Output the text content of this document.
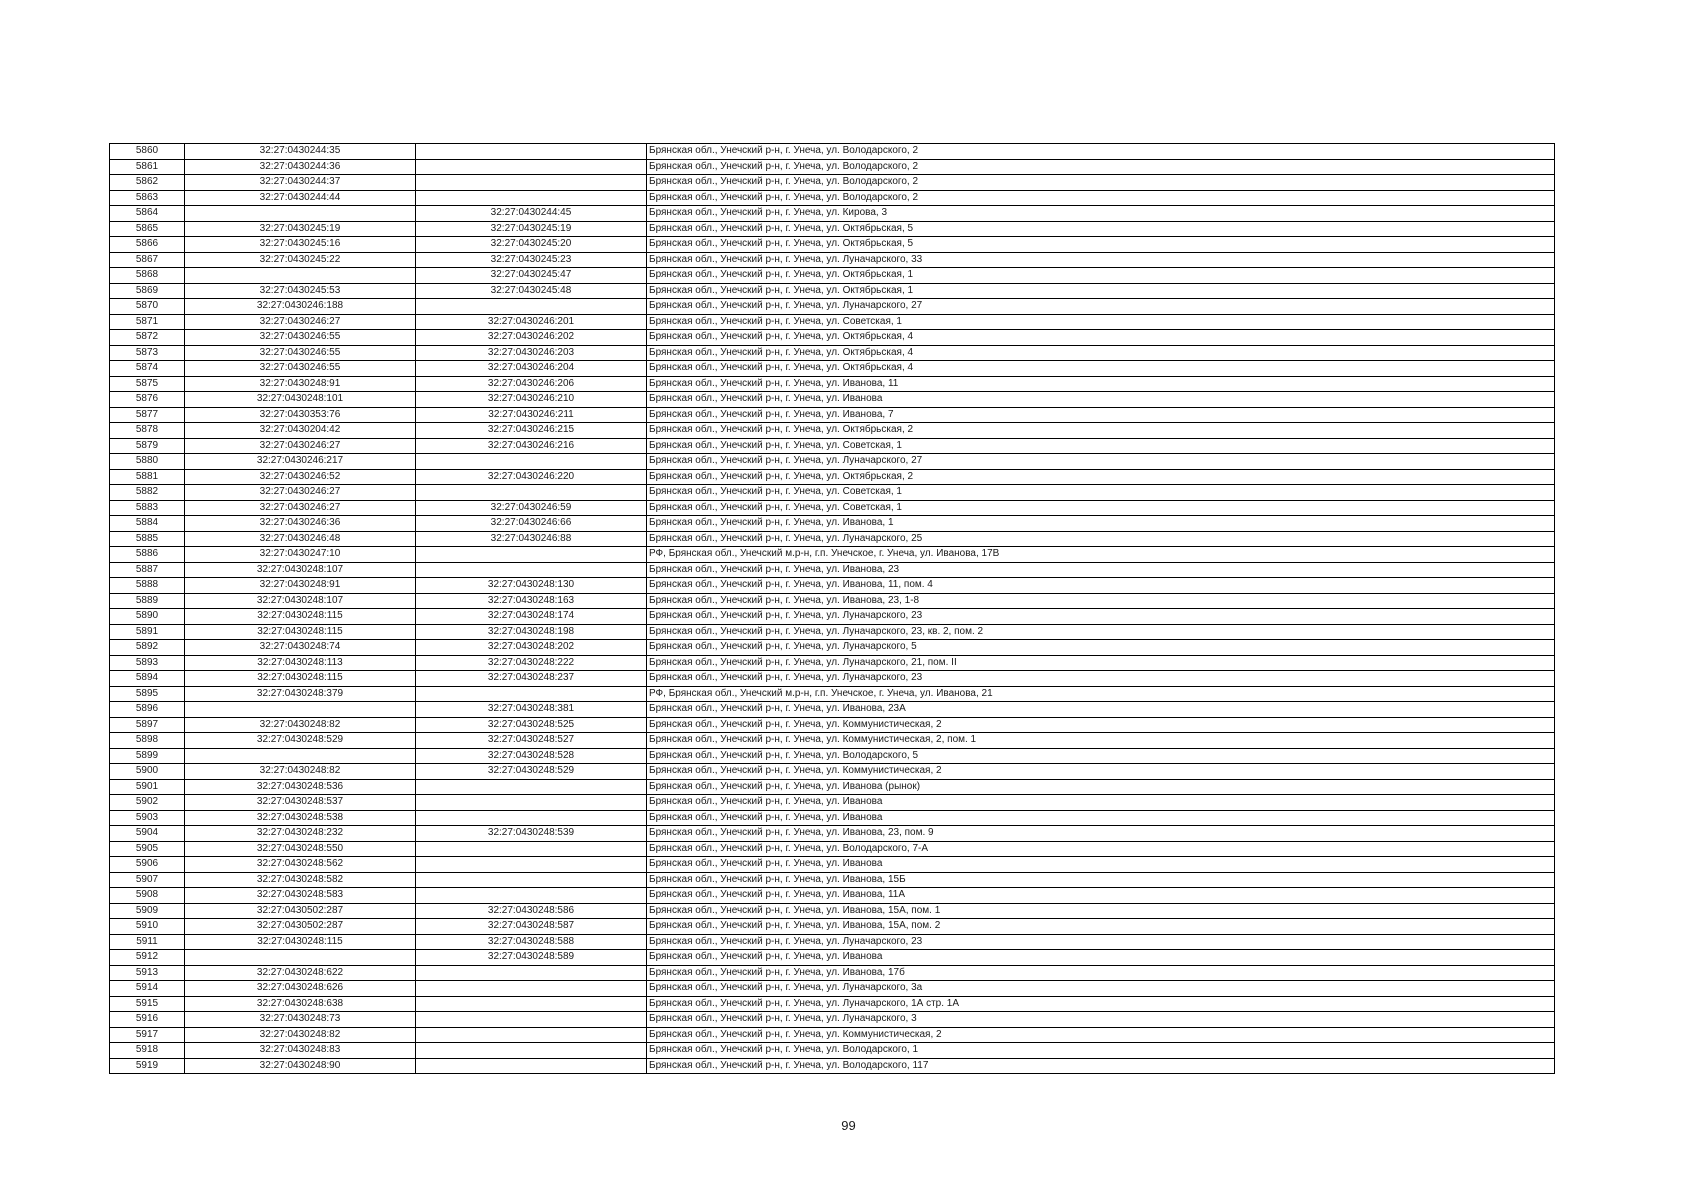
5860	32:27:0430244:35		Брянская обл., Унечский р-н, г. Унеча, ул. Володарского, 2
5861	32:27:0430244:36		Брянская обл., Унечский р-н, г. Унеча, ул. Володарского, 2
5862	32:27:0430244:37		Брянская обл., Унечский р-н, г. Унеча, ул. Володарского, 2
5863	32:27:0430244:44		Брянская обл., Унечский р-н, г. Унеча, ул. Володарского, 2
5864		32:27:0430244:45	Брянская обл., Унечский р-н, г. Унеча, ул. Кирова, 3
5865	32:27:0430245:19	32:27:0430245:19	Брянская обл., Унечский р-н, г. Унеча, ул. Октябрьская, 5
5866	32:27:0430245:16	32:27:0430245:20	Брянская обл., Унечский р-н, г. Унеча, ул. Октябрьская, 5
5867	32:27:0430245:22	32:27:0430245:23	Брянская обл., Унечский р-н, г. Унеча, ул. Луначарского, 33
5868		32:27:0430245:47	Брянская обл., Унечский р-н, г. Унеча, ул. Октябрьская, 1
5869	32:27:0430245:53	32:27:0430245:48	Брянская обл., Унечский р-н, г. Унеча, ул. Октябрьская, 1
5870	32:27:0430246:188		Брянская обл., Унечский р-н, г. Унеча, ул. Луначарского, 27
5871	32:27:0430246:27	32:27:0430246:201	Брянская обл., Унечский р-н, г. Унеча, ул. Советская, 1
5872	32:27:0430246:55	32:27:0430246:202	Брянская обл., Унечский р-н, г. Унеча, ул. Октябрьская, 4
5873	32:27:0430246:55	32:27:0430246:203	Брянская обл., Унечский р-н, г. Унеча, ул. Октябрьская, 4
5874	32:27:0430246:55	32:27:0430246:204	Брянская обл., Унечский р-н, г. Унеча, ул. Октябрьская, 4
5875	32:27:0430248:91	32:27:0430246:206	Брянская обл., Унечский р-н, г. Унеча, ул. Иванова, 11
5876	32:27:0430248:101	32:27:0430246:210	Брянская обл., Унечский р-н, г. Унеча, ул. Иванова
5877	32:27:0430353:76	32:27:0430246:211	Брянская обл., Унечский р-н, г. Унеча, ул. Иванова, 7
5878	32:27:0430204:42	32:27:0430246:215	Брянская обл., Унечский р-н, г. Унеча, ул. Октябрьская, 2
5879	32:27:0430246:27	32:27:0430246:216	Брянская обл., Унечский р-н, г. Унеча, ул. Советская, 1
5880	32:27:0430246:217		Брянская обл., Унечский р-н, г. Унеча, ул. Луначарского, 27
5881	32:27:0430246:52	32:27:0430246:220	Брянская обл., Унечский р-н, г. Унеча, ул. Октябрьская, 2
5882	32:27:0430246:27		Брянская обл., Унечский р-н, г. Унеча, ул. Советская, 1
5883	32:27:0430246:27	32:27:0430246:59	Брянская обл., Унечский р-н, г. Унеча, ул. Советская, 1
5884	32:27:0430246:36	32:27:0430246:66	Брянская обл., Унечский р-н, г. Унеча, ул. Иванова, 1
5885	32:27:0430246:48	32:27:0430246:88	Брянская обл., Унечский р-н, г. Унеча, ул. Луначарского, 25
5886	32:27:0430247:10		РФ, Брянская обл., Унечский м.р-н, г.п. Унечское, г. Унеча, ул. Иванова, 17В
5887	32:27:0430248:107		Брянская обл., Унечский р-н, г. Унеча, ул. Иванова, 23
5888	32:27:0430248:91	32:27:0430248:130	Брянская обл., Унечский р-н, г. Унеча, ул. Иванова, 11, пом. 4
5889	32:27:0430248:107	32:27:0430248:163	Брянская обл., Унечский р-н, г. Унеча, ул. Иванова, 23, 1-8
5890	32:27:0430248:115	32:27:0430248:174	Брянская обл., Унечский р-н, г. Унеча, ул. Луначарского, 23
5891	32:27:0430248:115	32:27:0430248:198	Брянская обл., Унечский р-н, г. Унеча, ул. Луначарского, 23, кв. 2, пом. 2
5892	32:27:0430248:74	32:27:0430248:202	Брянская обл., Унечский р-н, г. Унеча, ул. Луначарского, 5
5893	32:27:0430248:113	32:27:0430248:222	Брянская обл., Унечский р-н, г. Унеча, ул. Луначарского, 21, пом. II
5894	32:27:0430248:115	32:27:0430248:237	Брянская обл., Унечский р-н, г. Унеча, ул. Луначарского, 23
5895	32:27:0430248:379		РФ, Брянская обл., Унечский м.р-н, г.п. Унечское, г. Унеча, ул. Иванова, 21
5896		32:27:0430248:381	Брянская обл., Унечский р-н, г. Унеча, ул. Иванова, 23А
5897	32:27:0430248:82	32:27:0430248:525	Брянская обл., Унечский р-н, г. Унеча, ул. Коммунистическая, 2
5898	32:27:0430248:529	32:27:0430248:527	Брянская обл., Унечский р-н, г. Унеча, ул. Коммунистическая, 2, пом. 1
5899		32:27:0430248:528	Брянская обл., Унечский р-н, г. Унеча, ул. Володарского, 5
5900	32:27:0430248:82	32:27:0430248:529	Брянская обл., Унечский р-н, г. Унеча, ул. Коммунистическая, 2
5901	32:27:0430248:536		Брянская обл., Унечский р-н, г. Унеча, ул. Иванова (рынок)
5902	32:27:0430248:537		Брянская обл., Унечский р-н, г. Унеча, ул. Иванова
5903	32:27:0430248:538		Брянская обл., Унечский р-н, г. Унеча, ул. Иванова
5904	32:27:0430248:232	32:27:0430248:539	Брянская обл., Унечский р-н, г. Унеча, ул. Иванова, 23, пом. 9
5905	32:27:0430248:550		Брянская обл., Унечский р-н, г. Унеча, ул. Володарского, 7-А
5906	32:27:0430248:562		Брянская обл., Унечский р-н, г. Унеча, ул. Иванова
5907	32:27:0430248:582		Брянская обл., Унечский р-н, г. Унеча, ул. Иванова, 15Б
5908	32:27:0430248:583		Брянская обл., Унечский р-н, г. Унеча, ул. Иванова, 11А
5909	32:27:0430502:287	32:27:0430248:586	Брянская обл., Унечский р-н, г. Унеча, ул. Иванова, 15А, пом. 1
5910	32:27:0430502:287	32:27:0430248:587	Брянская обл., Унечский р-н, г. Унеча, ул. Иванова, 15А, пом. 2
5911	32:27:0430248:115	32:27:0430248:588	Брянская обл., Унечский р-н, г. Унеча, ул. Луначарского, 23
5912		32:27:0430248:589	Брянская обл., Унечский р-н, г. Унеча, ул. Иванова
5913	32:27:0430248:622		Брянская обл., Унечский р-н, г. Унеча, ул. Иванова, 17б
5914	32:27:0430248:626		Брянская обл., Унечский р-н, г. Унеча, ул. Луначарского, 3а
5915	32:27:0430248:638		Брянская обл., Унечский р-н, г. Унеча, ул. Луначарского, 1А стр. 1А
5916	32:27:0430248:73		Брянская обл., Унечский р-н, г. Унеча, ул. Луначарского, 3
5917	32:27:0430248:82		Брянская обл., Унечский р-н, г. Унеча, ул. Коммунистическая, 2
5918	32:27:0430248:83		Брянская обл., Унечский р-н, г. Унеча, ул. Володарского, 1
5919	32:27:0430248:90		Брянская обл., Унечский р-н, г. Унеча, ул. Володарского, 117
99
